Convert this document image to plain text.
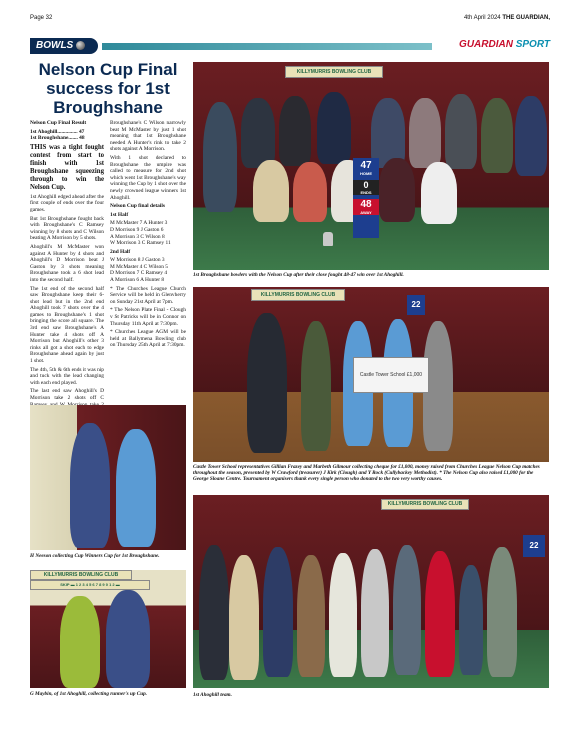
Page 32	4th April 2024 THE GUARDIAN,
BOWLS	GUARDIAN SPORT
Nelson Cup Final success for 1st Broughshane

Nelson Cup Final Result

1st Ahoghill............... 47

1st Broughshane....... 48

THIS was a tight fought contest from start to finish with 1st Broughshane squeezing through to win the Nelson Cup.

1st Ahoghill edged ahead after the first couple of ends over the four games.

But 1st Broughshane fought back with Broughshane's C Ramsey winning by 8 shots and C Wilson beating A Morrison by 5 shots.

Ahoghill's M McMaster won against A Hunter by 4 shots and Ahoghill's D Morrison beat J Gaston by 3 shots meaning Broughshane took a 6 shot lead into the second half.

The 1st end of the second half saw Broughshane keep their 6-shot lead but in the 2nd end Ahoghill took 7 shots over the 4 games to Broughshane's 1 shot bringing the score all square. The 3rd end saw Broughshane's A Hunter take 4 shots off A Morrison but Ahoghill's other 3 rinks all got a shot each to edge Broughshane ahead again by just 1 shot.

The 4th, 5th & 6th ends it was nip and tuck with the lead changing with each end played.

The last end saw Ahoghill's D Morrison take 2 shots off C

Broughshane's C Wilson narrowly beat M McMaster by just 1 shot meaning that 1st Broughshane needed A Hunter's rink to take 2 shots against A Morrison.

With 1 shot declared to Broughshane the umpire was called to measure for 2nd shot which went 1st Broughshane's way winning the Cup by 1 shot over the newly crowned league winners 1st Ahoghill.

Nelson Cup final details

1st Half

M McMaster 7 A Hunter 3

D Morrison 9 J Gaston 6

A Morrison 3 C Wilson 8

W Morrison 3 C Ramsey 11

2nd Half

W Morrison 8 J Gaston 3

M McMaster 4 C Wilson 5

D Morrison 7 C Ramsey 4

A Morrison 6 A Hunter 8

* The Churches League Church Service will be held in Glenvherry on Sunday 21st April at 7pm.

* The Nelson Plate Final - Clough v St Patricks will be in Connor on Thursday 11th April at 7:30pm.

* Churches League AGM will be held at Ballymena Bowling club on Thursday 25th April at 7:30pm.

KILLYMURRIS BOWLING CLUB
47
HOME
0
ENDS
48
AWAY
1st Broughshane bowlers with the Nelson Cup after their close fought 48-47 win over 1st Ahoghill.
KILLYMURRIS BOWLING CLUB
22
Castle Tower School £1,000
Castle Tower School representatives Gillian Frazey and Marbeth Gilmour collecting cheque for £1,000, money raised from Churches League Nelson Cup matches throughout the season, presented by W Crawford (treasurer) J Kirk (Clough) and Y Rock (Cullybackey Methodist). * The Nelson Cup also raised £1,000 for the George Sloane Centre. Tournament organisers thank every single person who donated to the two very worthy causes.
H Neeson collecting Cup Winners Cup for 1st Broughshane.
KILLYMURRIS BOWLING CLUB
SKIP ▬ 1 2 3 4 5 6 7 8 9 0 1 2 ▬
G Maybin, of 1st Ahoghill, collecting runner's up Cup.
KILLYMURRIS BOWLING CLUB
22
1st Ahoghill team.
